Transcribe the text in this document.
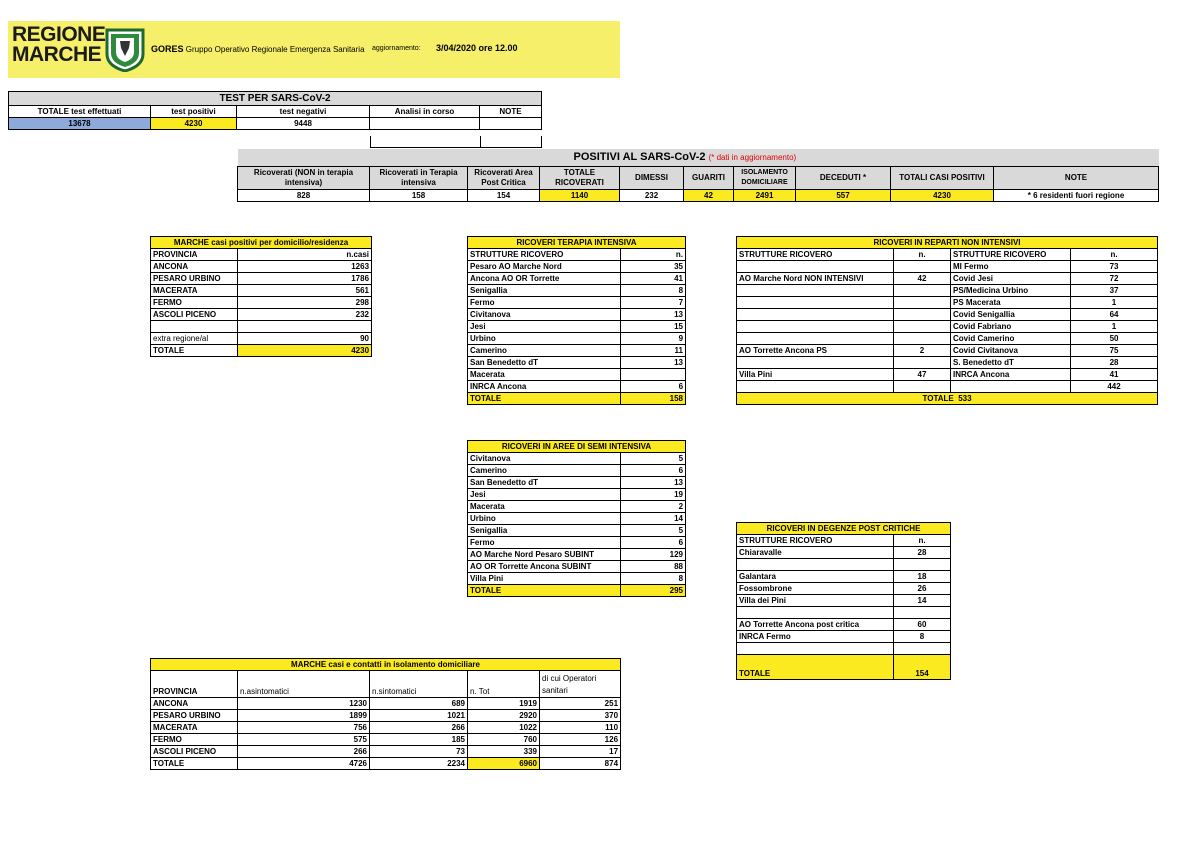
REGIONE
MARCHE	GORES Gruppo Operativo Regionale Emergenza Sanitaria aggiornamento: 3/04/2020 ore 12.00
TEST PER SARS-CoV-2				
TOTALE test effettuati	test positivi	test negativi	Analisi in corso	NOTE
13678	4230	9448		
POSITIVI AL SARS-CoV-2 (* dati in aggiornamento)									
Ricoverati (NON in terapia intensiva)	Ricoverati in Terapia intensiva	Ricoverati Area Post Critica	TOTALE RICOVERATI	DIMESSI	GUARITI	ISOLAMENTO DOMICILIARE	DECEDUTI *	TOTALI CASI POSITIVI	NOTE
828	158	154	1140	232	42	2491	557	4230	* 6 residenti fuori regione
MARCHE casi positivi per domicilio/residenza	
PROVINCIA	n.casi
ANCONA	1263
PESARO URBINO	1786
MACERATA	561
FERMO	298
ASCOLI PICENO	232

extra regione/al	90
TOTALE	4230
RICOVERI TERAPIA INTENSIVA	
STRUTTURE RICOVERO	n.
Pesaro AO Marche Nord	35
Ancona AO OR Torrette	41
Senigallia	8
Fermo	7
Civitanova	13
Jesi	15
Urbino	9
Camerino	11
San Benedetto dT	13
Macerata	
INRCA Ancona	6
TOTALE	158
RICOVERI IN AREE DI SEMI INTENSIVA	
Civitanova	5
Camerino	6
San Benedetto dT	13
Jesi	19
Macerata	2
Urbino	14
Senigallia	5
Fermo	6
AO Marche Nord Pesaro SUBINT	129
AO OR Torrette Ancona SUBINT	88
Villa Pini	8
TOTALE	295
RICOVERI IN REPARTI NON INTENSIVI			
STRUTTURE RICOVERO	n.	STRUTTURE RICOVERO	n.
		MI Fermo	73
AO Marche Nord NON INTENSIVI	42	Covid Jesi	72
		PS/Medicina Urbino	37
		PS Macerata	1
		Covid Senigallia	64
		Covid Fabriano	1
		Covid Camerino	50
AO Torrette Ancona PS	2	Covid Civitanova	75
		S. Benedetto dT	28
Villa Pini	47	INRCA Ancona	41
			442
TOTALE 533			
RICOVERI IN DEGENZE POST CRITICHE	
STRUTTURE RICOVERO	n.
Chiaravalle	28

Galantara	18
Fossombrone	26
Villa dei Pini	14

AO Torrette Ancona post critica	60
INRCA Fermo	8

TOTALE	154
MARCHE casi e contatti in isolamento domiciliare				
PROVINCIA	n.asintomatici	n.sintomatici	n. Tot	di cui Operatori sanitari
ANCONA	1230	689	1919	251
PESARO URBINO	1899	1021	2920	370
MACERATA	756	266	1022	110
FERMO	575	185	760	126
ASCOLI PICENO	266	73	339	17
TOTALE	4726	2234	6960	874
